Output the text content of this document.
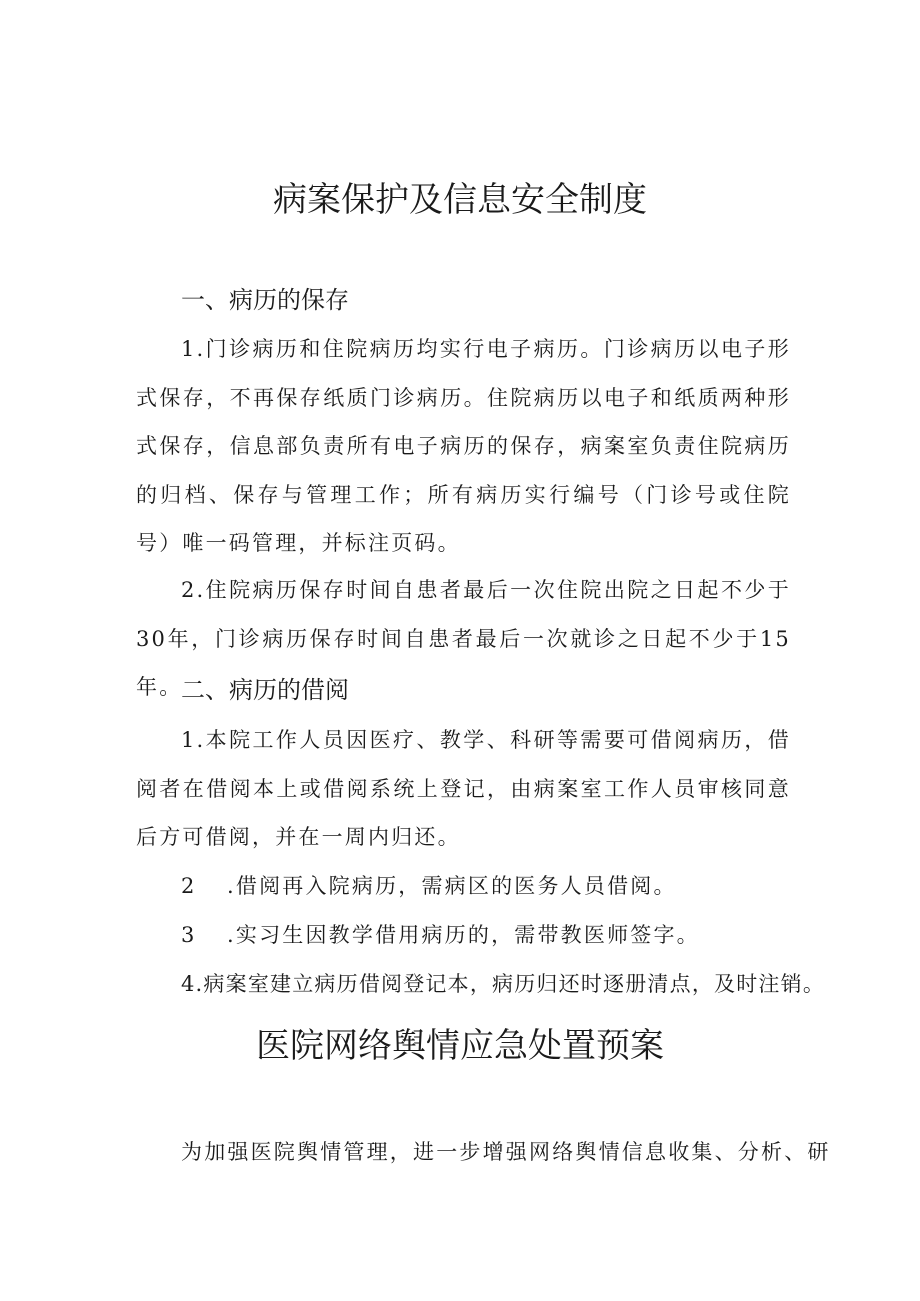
病案保护及信息安全制度
一、病历的保存

1.门诊病历和住院病历均实行电子病历。门诊病历以电子形式保存，不再保存纸质门诊病历。住院病历以电子和纸质两种形式保存，信息部负责所有电子病历的保存，病案室负责住院病历的归档、保存与管理工作；所有病历实行编号（门诊号或住院号）唯一码管理，并标注页码。

2.住院病历保存时间自患者最后一次住院出院之日起不少于30年，门诊病历保存时间自患者最后一次就诊之日起不少于15年。

二、病历的借阅

1.本院工作人员因医疗、教学、科研等需要可借阅病历，借阅者在借阅本上或借阅系统上登记，由病案室工作人员审核同意后方可借阅，并在一周内归还。

2 .借阅再入院病历，需病区的医务人员借阅。

3 .实习生因教学借用病历的，需带教医师签字。

4.病案室建立病历借阅登记本，病历归还时逐册清点，及时注销。

医院网络舆情应急处置预案

为加强医院舆情管理，进一步增强网络舆情信息收集、分析、研
